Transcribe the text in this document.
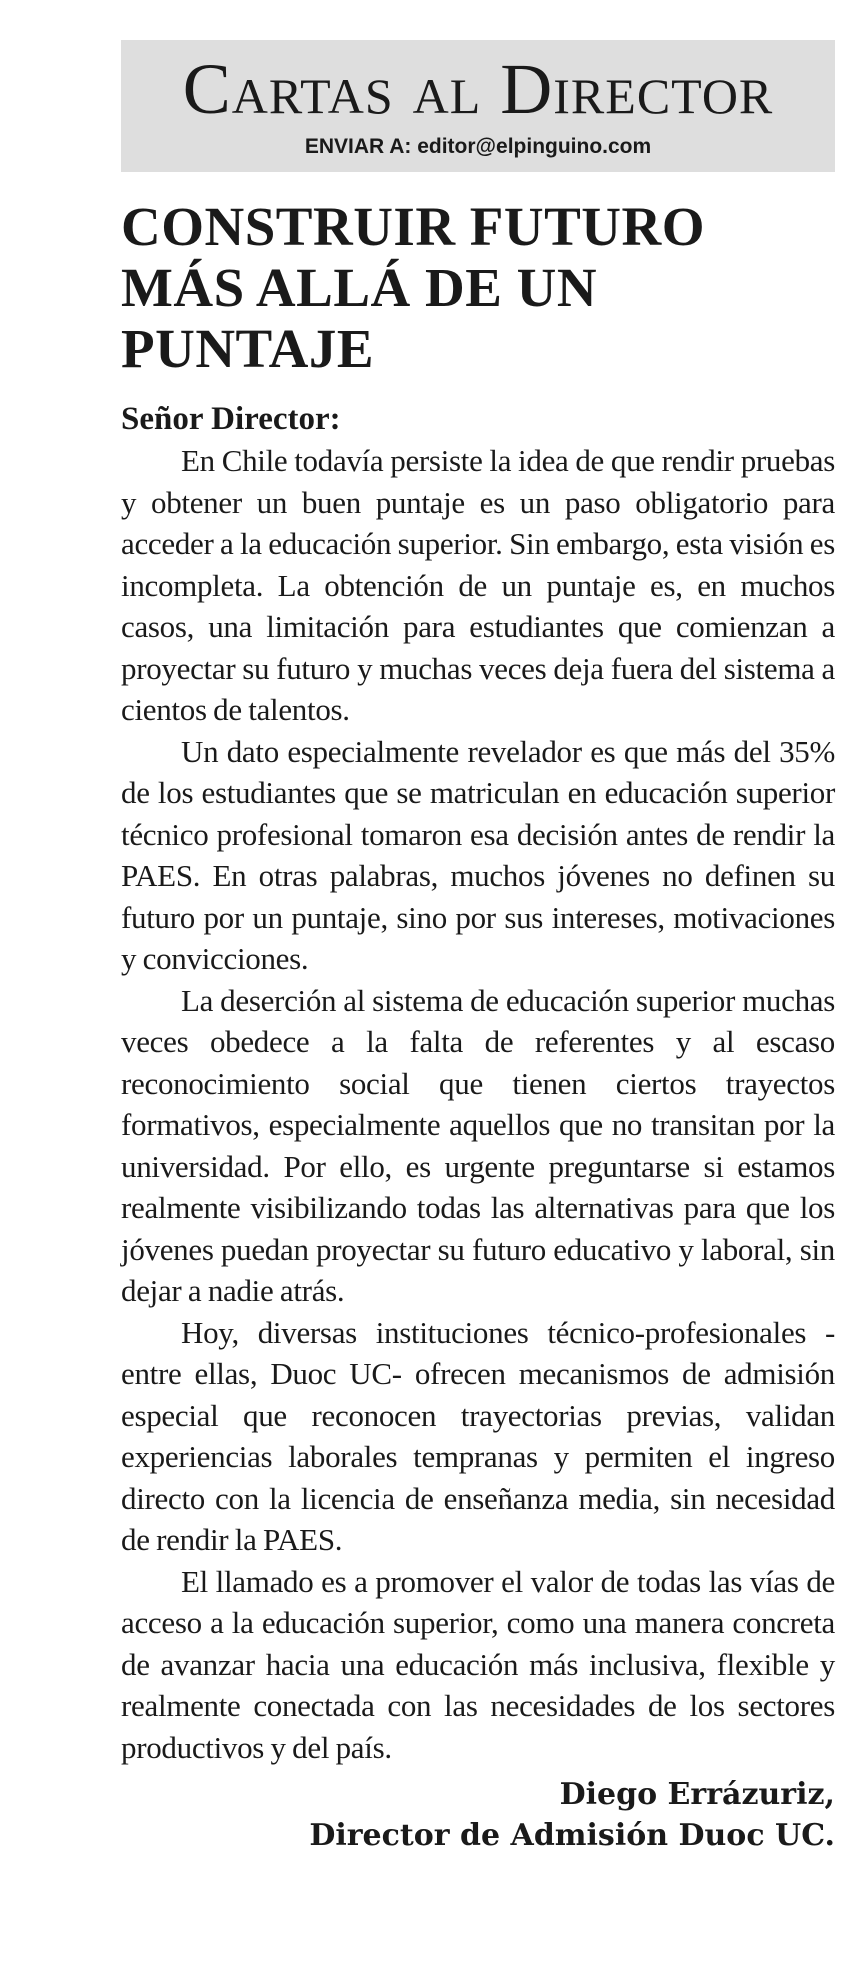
Cartas al Director
ENVIAR A: editor@elpinguino.com
CONSTRUIR FUTURO MÁS ALLÁ DE UN PUNTAJE
Señor Director:

En Chile todavía persiste la idea de que rendir pruebas y obtener un buen puntaje es un paso obligatorio para acceder a la educación superior. Sin embargo, esta visión es incompleta. La obtención de un puntaje es, en muchos casos, una limitación para estudiantes que comienzan a proyectar su futuro y muchas veces deja fuera del sistema a cientos de talentos.

Un dato especialmente revelador es que más del 35% de los estudiantes que se matriculan en educación superior técnico profesional tomaron esa decisión antes de rendir la PAES. En otras palabras, muchos jóvenes no definen su futuro por un puntaje, sino por sus intereses, motivaciones y convicciones.

La deserción al sistema de educación superior muchas veces obedece a la falta de referentes y al escaso reconocimiento social que tienen ciertos trayectos formativos, especialmente aquellos que no transitan por la universidad. Por ello, es urgente preguntarse si estamos realmente visibilizando todas las alternativas para que los jóvenes puedan proyectar su futuro educativo y laboral, sin dejar a nadie atrás.

Hoy, diversas instituciones técnico-profesionales -entre ellas, Duoc UC- ofrecen mecanismos de admisión especial que reconocen trayectorias previas, validan experiencias laborales tempranas y permiten el ingreso directo con la licencia de enseñanza media, sin necesidad de rendir la PAES.

El llamado es a promover el valor de todas las vías de acceso a la educación superior, como una manera concreta de avanzar hacia una educación más inclusiva, flexible y realmente conectada con las necesidades de los sectores productivos y del país.

Diego Errázuriz,
Director de Admisión Duoc UC.
